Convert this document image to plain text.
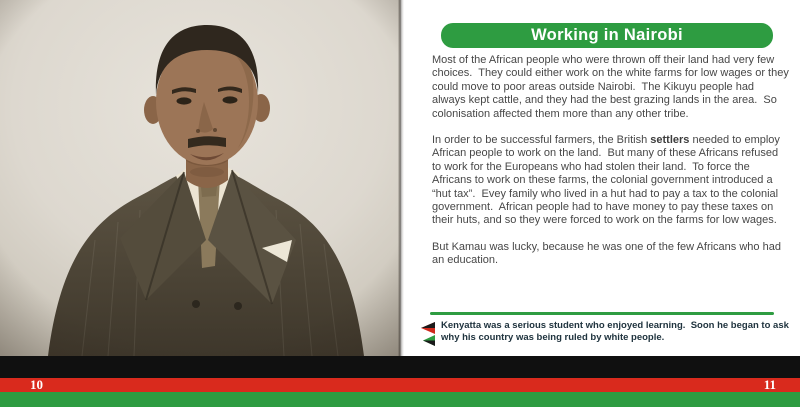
Working in Nairobi

Most of the African people who were thrown off their land had very few choices.  They could either work on the white farms for low wages or they could move to poor areas outside Nairobi.  The Kikuyu people had always kept cattle, and they had the best grazing lands in the area.  So colonisation affected them more than any other tribe.

In order to be successful farmers, the British settlers needed to employ African people to work on the land.  But many of these Africans refused to work for the Europeans who had stolen their land.  To force the Africans to work on these farms, the colonial government introduced a “hut tax”.  Evey family who lived in a hut had to pay a tax to the colonial government.  African people had to have money to pay these taxes on their huts, and so they were forced to work on the farms for low wages.

But Kamau was lucky, because he was one of the few Africans who had an education.

Kenyatta was a serious student who enjoyed learning.  Soon he began to ask why his country was being ruled by white people.
10	11
